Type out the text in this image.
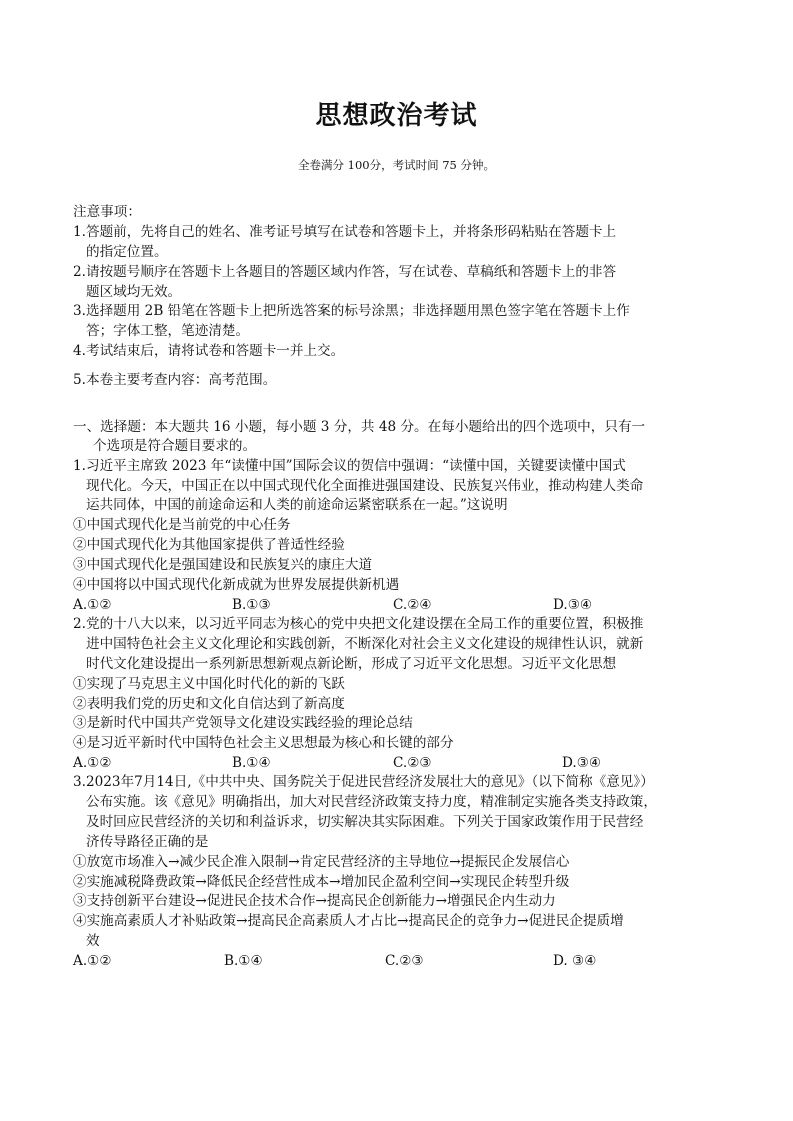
思想政治考试
全卷满分 100分，考试时间 75 分钟。
注意事项：
1.答题前，先将自己的姓名、准考证号填写在试卷和答题卡上，并将条形码粘贴在答题卡上
的指定位置。
2.请按题号顺序在答题卡上各题目的答题区域内作答，写在试卷、草稿纸和答题卡上的非答
题区域均无效。
3.选择题用 2B 铅笔在答题卡上把所选答案的标号涂黑；非选择题用黑色签字笔在答题卡上作
答；字体工整，笔迹清楚。
4.考试结束后，请将试卷和答题卡一并上交。
5.本卷主要考查内容：高考范围。
一、选择题：本大题共 16 小题，每小题 3 分，共 48 分。在每小题给出的四个选项中，只有一
个选项是符合题目要求的。
1.习近平主席致 2023 年“读懂中国”国际会议的贺信中强调：“读懂中国，关键要读懂中国式
现代化。今天，中国正在以中国式现代化全面推进强国建设、民族复兴伟业，推动构建人类命
运共同体，中国的前途命运和人类的前途命运紧密联系在一起。”这说明
①中国式现代化是当前党的中心任务
②中国式现代化为其他国家提供了普适性经验
③中国式现代化是强国建设和民族复兴的康庄大道
④中国将以中国式现代化新成就为世界发展提供新机遇
A.①②	B.①③	C.②④	D.③④
2.党的十八大以来，以习近平同志为核心的党中央把文化建设摆在全局工作的重要位置，积极推
进中国特色社会主义文化理论和实践创新，不断深化对社会主义文化建设的规律性认识，就新
时代文化建设提出一系列新思想新观点新论断，形成了习近平文化思想。习近平文化思想
①实现了马克思主义中国化时代化的新的飞跃
②表明我们党的历史和文化自信达到了新高度
③是新时代中国共产党领导文化建设实践经验的理论总结
④是习近平新时代中国特色社会主义思想最为核心和长键的部分
A.①②	B.①④	C.②③	D.③④
3.2023年7月14日,《中共中央、国务院关于促进民营经济发展壮大的意见》（以下简称《意见》）
公布实施。该《意见》明确指出，加大对民营经济政策支持力度，精准制定实施各类支持政策，
及时回应民营经济的关切和利益诉求，切实解决其实际困难。下列关于国家政策作用于民营经
济传导路径正确的是
①放宽市场准入→减少民企准入限制→肯定民营经济的主导地位→提振民企发展信心
②实施减税降费政策→降低民企经营性成本→增加民企盈利空间→实现民企转型升级
③支持创新平台建设→促进民企技术合作→提高民企创新能力→增强民企内生动力
④实施高素质人才补贴政策→提高民企高素质人才占比→提高民企的竞争力→促进民企提质增
效
A.①②	B.①④	C.②③	D. ③④
